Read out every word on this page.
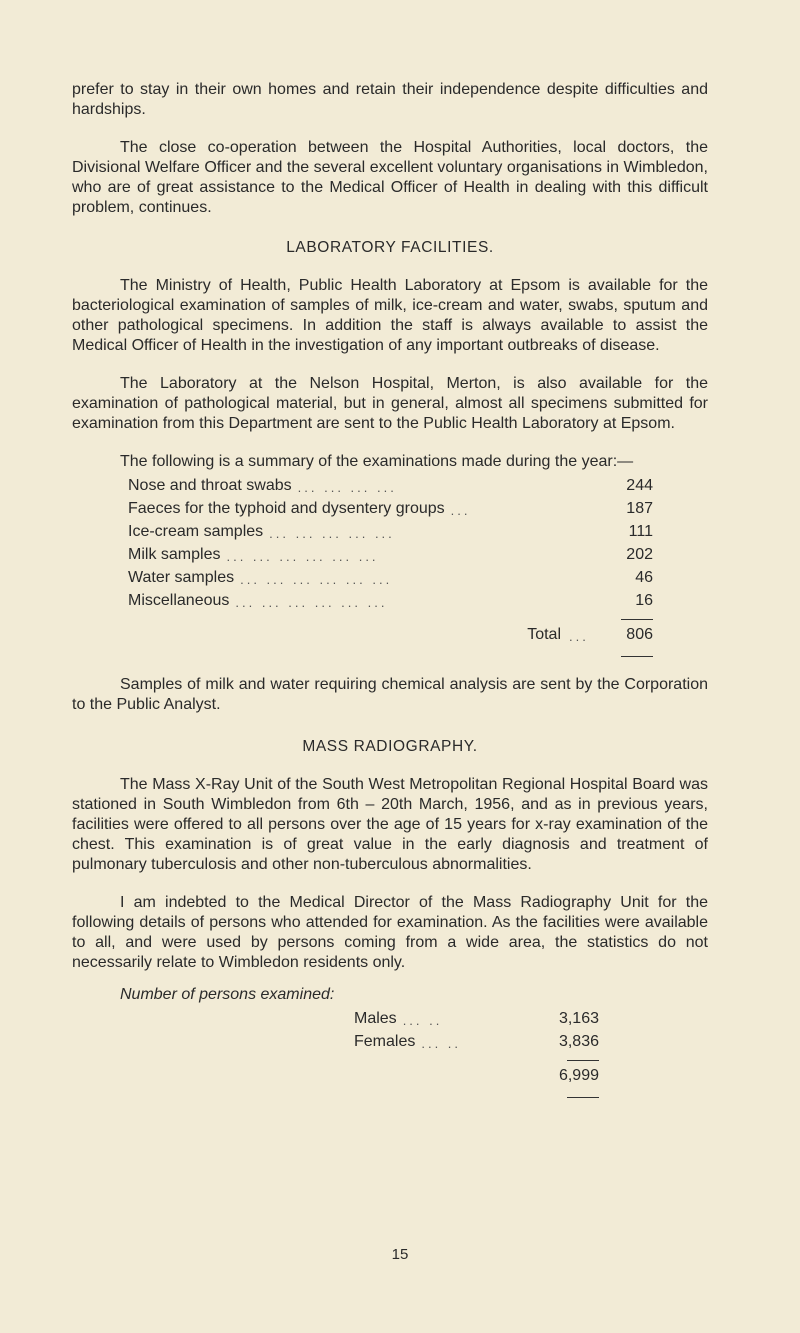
prefer to stay in their own homes and retain their independence despite difficulties and hardships.

The close co-operation between the Hospital Authorities, local doctors, the Divisional Welfare Officer and the several excellent voluntary organisations in Wimbledon, who are of great assistance to the Medical Officer of Health in dealing with this difficult problem, continues.

LABORATORY FACILITIES.

The Ministry of Health, Public Health Laboratory at Epsom is available for the bacteriological examination of samples of milk, ice-cream and water, swabs, sputum and other pathological specimens. In addition the staff is always available to assist the Medical Officer of Health in the investigation of any important outbreaks of disease.

The Laboratory at the Nelson Hospital, Merton, is also available for the examination of pathological material, but in general, almost all specimens submitted for examination from this Department are sent to the Public Health Laboratory at Epsom.

The following is a summary of the examinations made during the year:—

Nose and throat swabs ... ... ... ...	244
Faeces for the typhoid and dysentery groups ...	187
Ice-cream samples ... ... ... ... ...	111
Milk samples ... ... ... ... ... ...	202
Water samples ... ... ... ... ... ...	46
Miscellaneous ... ... ... ... ... ...	16
Total ...	806

Samples of milk and water requiring chemical analysis are sent by the Corporation to the Public Analyst.

MASS RADIOGRAPHY.

The Mass X-Ray Unit of the South West Metropolitan Regional Hospital Board was stationed in South Wimbledon from 6th – 20th March, 1956, and as in previous years, facilities were offered to all persons over the age of 15 years for x-ray examination of the chest. This examination is of great value in the early diagnosis and treatment of pulmonary tuberculosis and other non-tuberculous abnormalities.

I am indebted to the Medical Director of the Mass Radiography Unit for the following details of persons who attended for examination. As the facilities were available to all, and were used by persons coming from a wide area, the statistics do not necessarily relate to Wimbledon residents only.

Number of persons examined:

Males ... ..	3,163
Females ... ..	3,836
6,999
15
